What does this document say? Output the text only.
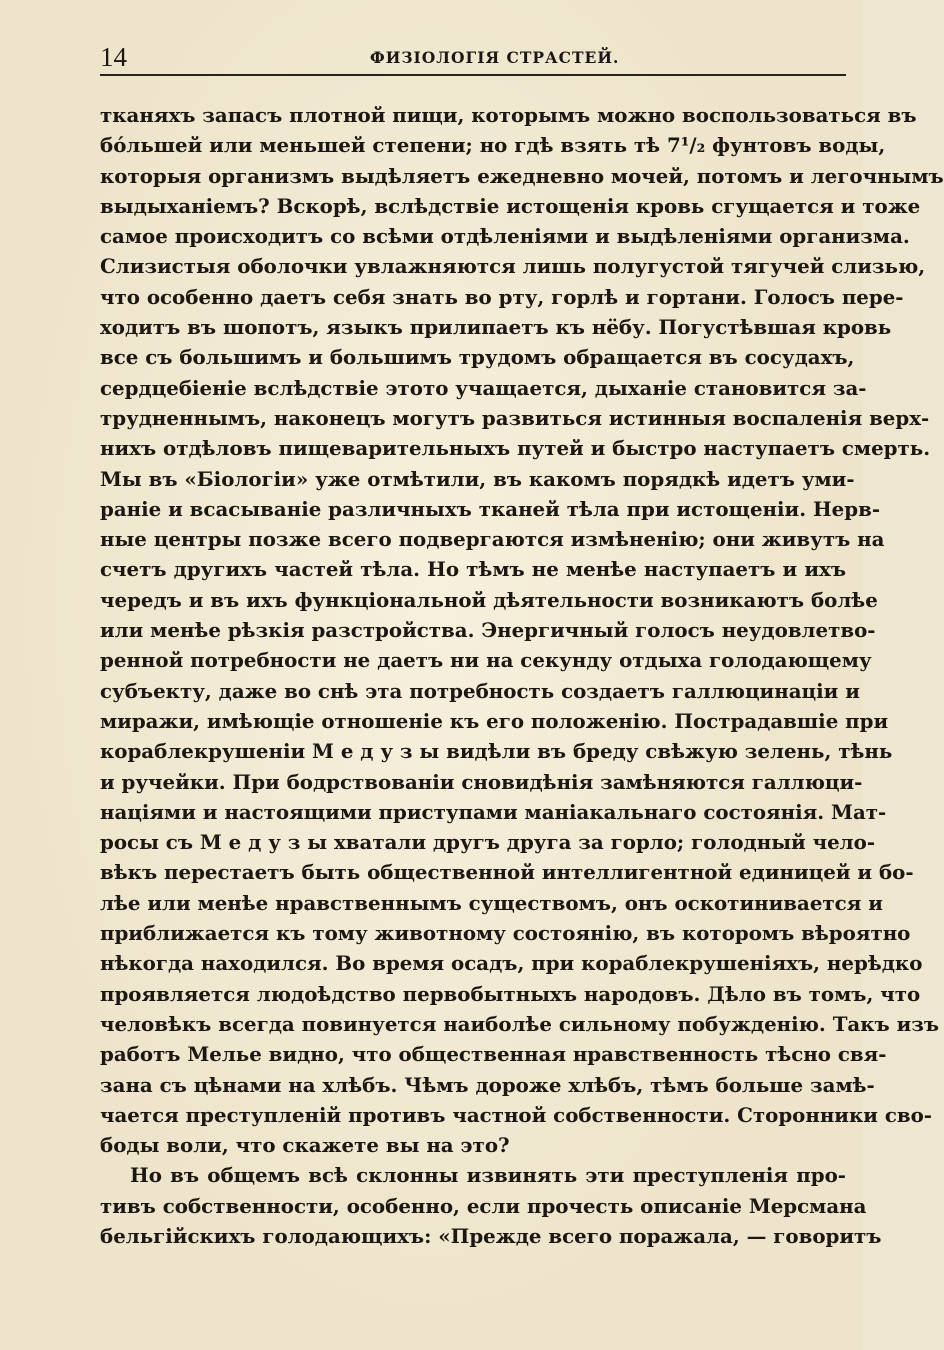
14	ФИЗІОЛОГІЯ СТРАСТЕЙ.
тканяхъ запасъ плотной пищи, которымъ можно воспользоваться въ
бóльшей или меньшей степени; но гдѣ взять тѣ 7¹/₂ фунтовъ воды,
которыя организмъ выдѣляетъ ежедневно мочей, потомъ и легочнымъ
выдыханіемъ? Вскорѣ, вслѣдствіе истощенія кровь сгущается и тоже
самое происходитъ со всѣми отдѣленіями и выдѣленіями организма.
Слизистыя оболочки увлажняются лишь полугустой тягучей слизью,
что особенно даетъ себя знать во рту, горлѣ и гортани. Голосъ пере-
ходитъ въ шопотъ, языкъ прилипаетъ къ нёбу. Погустѣвшая кровь
все съ большимъ и большимъ трудомъ обращается въ сосудахъ,
сердцебіеніе вслѣдствіе этото учащается, дыханіе становится за-
трудненнымъ, наконецъ могутъ развиться истинныя воспаленія верх-
нихъ отдѣловъ пищеварительныхъ путей и быстро наступаетъ смерть.
Мы въ «Біологіи» уже отмѣтили, въ какомъ порядкѣ идетъ уми-
раніе и всасываніе различныхъ тканей тѣла при истощеніи. Нерв-
ные центры позже всего подвергаются измѣненію; они живутъ на
счетъ другихъ частей тѣла. Но тѣмъ не менѣе наступаетъ и ихъ
чередъ и въ ихъ функціональной дѣятельности возникаютъ болѣе
или менѣе рѣзкія разстройства. Энергичный голосъ неудовлетво-
ренной потребности не даетъ ни на секунду отдыха голодающему
субъекту, даже во снѣ эта потребность создаетъ галлюцинаціи и
миражи, имѣющіе отношеніе къ его положенію. Пострадавшіе при
кораблекрушеніи М е д у з ы видѣли въ бреду свѣжую зелень, тѣнь
и ручейки. При бодрствованіи сновидѣнія замѣняются галлюци-
націями и настоящими приступами маніакальнаго состоянія. Мат-
росы съ М е д у з ы хватали другъ друга за горло; голодный чело-
вѣкъ перестаетъ быть общественной интеллигентной единицей и бо-
лѣе или менѣе нравственнымъ существомъ, онъ оскотинивается и
приближается къ тому животному состоянію, въ которомъ вѣроятно
нѣкогда находился. Во время осадъ, при кораблекрушеніяхъ, нерѣдко
проявляется людоѣдство первобытныхъ народовъ. Дѣло въ томъ, что
человѣкъ всегда повинуется наиболѣе сильному побужденію. Такъ изъ
работъ Мелье видно, что общественная нравственность тѣсно свя-
зана съ цѣнами на хлѣбъ. Чѣмъ дороже хлѣбъ, тѣмъ больше замѣ-
чается преступленій противъ частной собственности. Сторонники сво-
боды воли, что скажете вы на это?
Но въ общемъ всѣ склонны извинять эти преступленія про-
тивъ собственности, особенно, если прочесть описаніе Мерсмана
бельгійскихъ голодающихъ: «Прежде всего поражала, — говоритъ
